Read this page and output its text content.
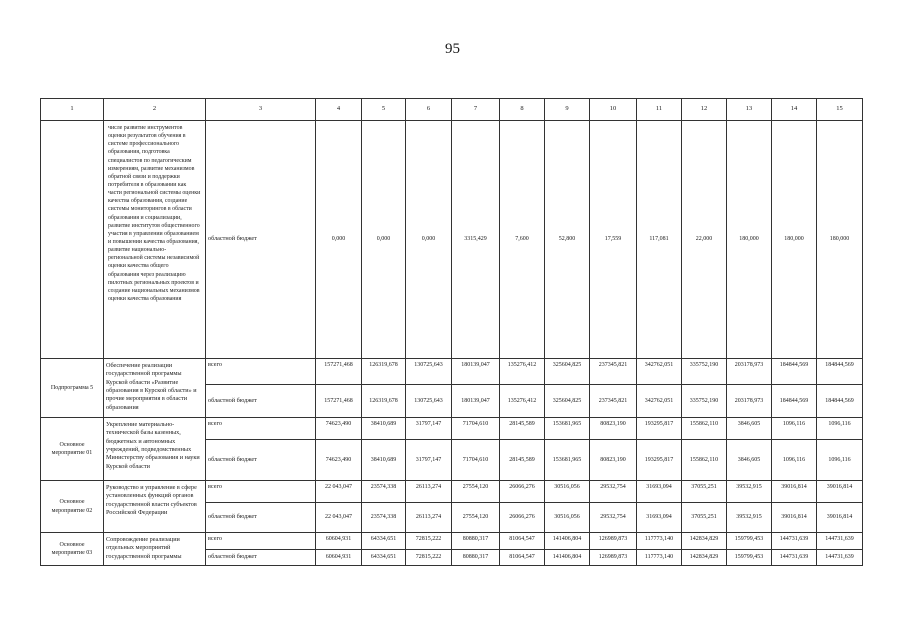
95
1	2	3	4	5	6	7	8	9	10	11	12	13	14	15
	числе развитие инструментов оценки результатов обучения в системе профессионального образования, подготовка специалистов по педагогическим измерениям, развитие механизмов обратной связи и поддержки потребителя в образовании как части региональной системы оценки качества образования, создание системы мониторингов в области образования и социализации, развитие институтов общественного участия в управлении образованием и повышении качества образования, развитие национально- региональной системы независимой оценки качества общего образования через реализацию пилотных региональных проектов и создание национальных механизмов оценки качества образования	областной бюджет	0,000	0,000	0,000	3315,429	7,600	52,800	17,559	117,081	22,000	180,000	180,000	180,000
Подпрограмма 5	Обеспечение реализации государственной программы Курской области «Развитие образования в Курской области» и прочие мероприятия в области образования	всего	157271,468	126319,678	130725,643	180139,047	135276,412	325604,825	237345,821	342762,051	335752,190	203178,973	184844,569	184844,569
		областной бюджет	157271,468	126319,678	130725,643	180139,047	135276,412	325604,825	237345,821	342762,051	335752,190	203178,973	184844,569	184844,569
Основное мероприятие 01	Укрепление материально-технической базы казенных, бюджетных и автономных учреждений, подведомственных Министерству образования и науки Курской области	всего	74623,490	38410,689	31797,147	71704,610	28145,589	153681,965	80823,190	193295,817	155862,110	3846,605	1096,116	1096,116
		областной бюджет	74623,490	38410,689	31797,147	71704,610	28145,589	153681,965	80823,190	193295,817	155862,110	3846,605	1096,116	1096,116
Основное мероприятие 02	Руководство и управление в сфере установленных функций органов государственной власти субъектов Российской Федерации	всего	22 043,047	23574,338	26113,274	27554,120	26066,276	30516,056	29532,754	31693,094	37055,251	39532,915	39016,814	39016,814
		областной бюджет	22 043,047	23574,338	26113,274	27554,120	26066,276	30516,056	29532,754	31693,094	37055,251	39532,915	39016,814	39016,814
Основное мероприятие 03	Сопровождение реализации отдельных мероприятий государственной программы	всего	60604,931	64334,651	72815,222	80880,317	81064,547	141406,804	126989,873	117773,140	142834,829	159799,453	144731,639	144731,639
		областной бюджет	60604,931	64334,651	72815,222	80880,317	81064,547	141406,804	126989,873	117773,140	142834,829	159799,453	144731,639	144731,639
